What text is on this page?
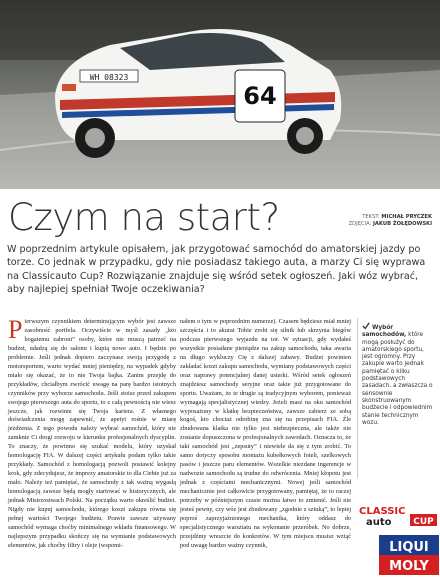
64
WH 08323
Czym na start?	TEKST: MICHAŁ PRYCZEK
ZDJĘCIA: JAKUB ŻOŁĘDOWSKI

W poprzednim artykule opisałem, jak przygotować samochód do amatorskiej jazdy po torze. Co jednak w przypadku, gdy nie posiadasz takiego auta, a marzy Ci się wyprawa na Classicauto Cup? Rozwiązanie znajduje się wśród setek ogłoszeń. Jaki wóz wybrać, aby najlepiej spełniał Twoje oczekiwania?

Pierwszym czynnikiem determinującym wybór jest zawsze zasobność portfela. Oczywiście w myśl zasady „kto bogatemu zabroni” osoby, które nie muszą patrzeć na budżet, udadzą się do salonu i kupią nowe auto. I będzie po problemie. Jeśli jednak dopiero zaczynasz swoją przygodę z motorsportem, warto wydać mniej pieniędzy, na wypadek gdyby miało się okazać, że to nie Twoja bajka. Zanim przejdę do przykładów, chciałbym zwrócić uwagę na parę bardzo istotnych czynników przy wyborze samochodu. Jeśli stoisz przed zakupem swojego pierwszego auta do sportu, to z całą pewnością nie wiesz jeszcze, jak rozwinie się Twoja kariera. Z własnego doświadczenia mogę zapewnić, że apetyt rośnie w miarę jeżdżenia. Z tego powodu należy wybrać samochód, który nie zamknie Ci drogi rozwoju w kierunku profesjonalnych dyscyplin. To znaczy, że powinno się szukać modelu, który uzyskał homologację FIA. W dalszej części artykułu podam tylko takie przykłady. Samochód z homologacją pozwoli postawić kolejny krok, gdy zdecydujesz, że imprezy amatorskie to dla Ciebie już za mało. Należy też pamiętać, że samochody z tak ważną wygasłą homologacją zawsze będą mogły startować w historycznych, ale jednak Mistrzostwach Polski. Na początku warto określić budżet. Nigdy nie kupuj samochodu, którego koszt zakupu równa się pełnej wartości Twojego budżetu. Prawie zawsze używany samochód wymaga choćby minimalnego wkładu finansowego. W najlepszym przypadku skończy się na wymianie podstawowych elementów, jak choćby filtry i oleje (wspomi-

nałem o tym w poprzednim numerze). Czasem będziesz miał mniej szczęścia i to akurat Tobie zrobi się silnik lub skrzynia biegów podczas pierwszego wyjazdu na tor. W sytuacji, gdy wydałeś wszystkie posiadane pieniądze na zakup samochodu, taka awaria na długo wykluczy Cię z dalszej zabawy. Budżet powinien zakładać koszt zakupu samochodu, wymiany podstawowych części oraz naprawy potencjalnej danej usterki. Wśród setek ogłoszeń znajdziesz samochody seryjne oraz takie już przygotowane do sportu. Uważam, że te drugie są tradycyjnym wyborem, ponieważ wymagają specjalistycznej wiedzy. Jeżeli masz na oku samochód wyposażony w klatkę bezpieczeństwa, zawsze zabierz ze sobą kogoś, kto chociaż odrobinę zna się na przepisach FIA. Źle zbudowana klatka nie tylko jest niebezpieczna, ale także nie zostanie dopuszczona w profesjonalnych zawodach. Oznacza to, że taki samochód jest „zepsuty” i niewiele da się z tym zrobić. To samo dotyczy sposobu montażu kubełkowych foteli, szelkowych pasów i jeszcze paru elementów. Wszelkie niezdane ingerencje w nadwozie samochodu są trudne do odwrócenia. Mniej kłopotu jest jednak z częściami mechanicznymi. Nowej jeśli samochód mechanicznie jest całkowicie przygotowany, pamiętaj, że to raczej potrzeby w późniejszym czasie można łatwo to zmienić. Jeśli nie jesteś pewny, czy wóz jest zbudowany „zgodnie z sztuką”, to lepiej poproś zaprzyjaźnionego mechanika, który oddasz do specjalistycznego warsztatu na wykonanie przeróbek. No dobrze, przejdźmy wreszcie do konkretów. W tym miejscu musisz wziąć pod uwagę bardzo ważny czynnik,

Wybór samochodów, które mogą posłużyć do amatorskiego sportu, jest ogromny. Przy zakupie warto jednak pamiętać o kilku podstawowych zasadach, a zwłaszcza o sensownie skonstruowanym budżecie i odpowiednim stanie technicznym wozu.
CLASSIC
auto CUP
LIQUI
MOLY
